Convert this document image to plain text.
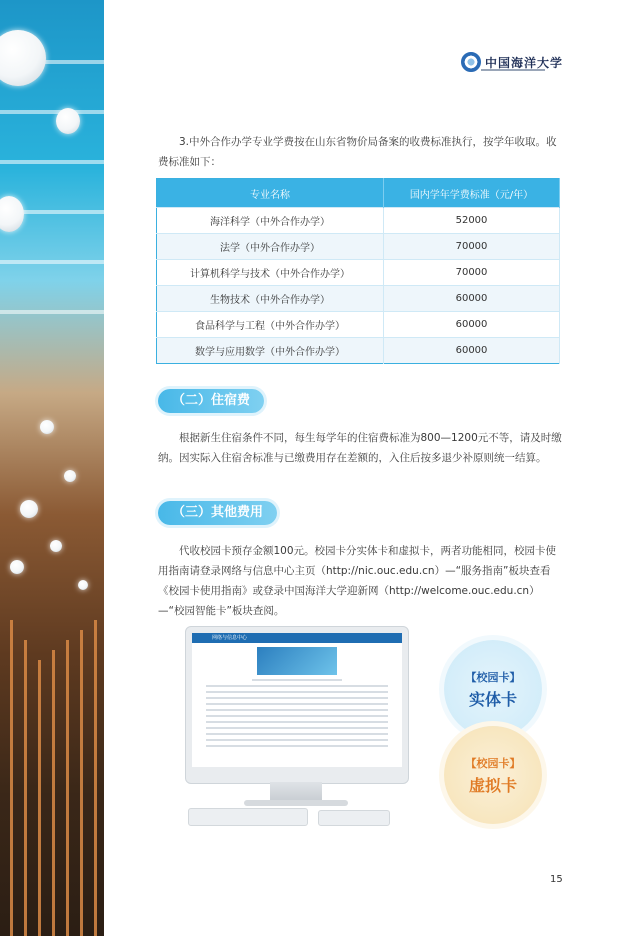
中国海洋大学
3.中外合作办学专业学费按在山东省物价局备案的收费标准执行，按学年收取。收费标准如下：
专业名称	国内学年学费标准（元/年）
海洋科学（中外合作办学）	52000
法学（中外合作办学）	70000
计算机科学与技术（中外合作办学）	70000
生物技术（中外合作办学）	60000
食品科学与工程（中外合作办学）	60000
数学与应用数学（中外合作办学）	60000
（二）住宿费
根据新生住宿条件不同，每生每学年的住宿费标准为800—1200元不等，请及时缴纳。因实际入住宿舍标准与已缴费用存在差额的，入住后按多退少补原则统一结算。
（三）其他费用
代收校园卡预存金额100元。校园卡分实体卡和虚拟卡，两者功能相同，校园卡使用指南请登录网络与信息中心主页（http://nic.ouc.edu.cn）—“服务指南”板块查看《校园卡使用指南》或登录中国海洋大学迎新网（http://welcome.ouc.edu.cn）—“校园智能卡”板块查阅。
网络与信息中心
【校园卡】
实体卡
【校园卡】
虚拟卡
15
